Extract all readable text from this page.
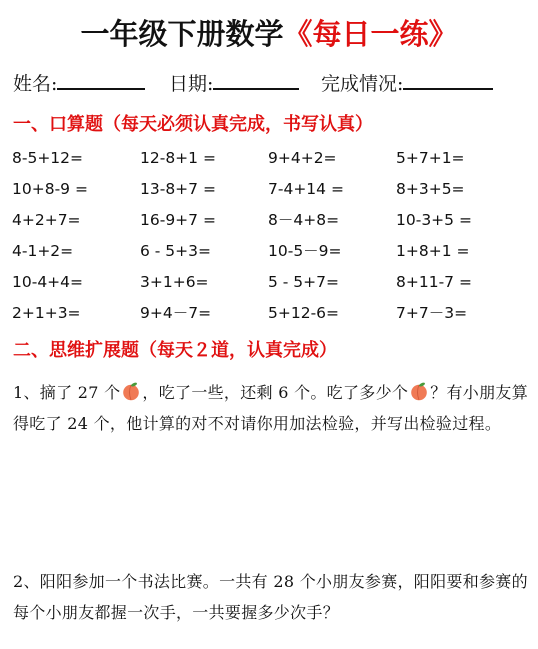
一年级下册数学《每日一练》
姓名:	日期:	完成情况:
一、口算题（每天必须认真完成，书写认真）
8-5+12=	12-8+1 =	9+4+2=	5+7+1=
10+8-9 =	13-8+7 =	7-4+14 =	8+3+5=
4+2+7=	16-9+7 =	8－4+8=	10-3+5 =
4-1+2=	6 - 5+3=	10-5－9=	1+8+1 =
10-4+4=	3+1+6=	5 - 5+7=	8+11-7 =
2+1+3=	9+4－7=	5+12-6=	7+7－3=
二、思维扩展题（每天２道，认真完成）
1、摘了 27 个 ，吃了一些，还剩 6 个。吃了多少个 ？有小朋友算得吃了 24 个，他计算的对不对请你用加法检验，并写出检验过程。
2、阳阳参加一个书法比赛。一共有 28 个小朋友参赛，阳阳要和参赛的每个小朋友都握一次手，一共要握多少次手？
